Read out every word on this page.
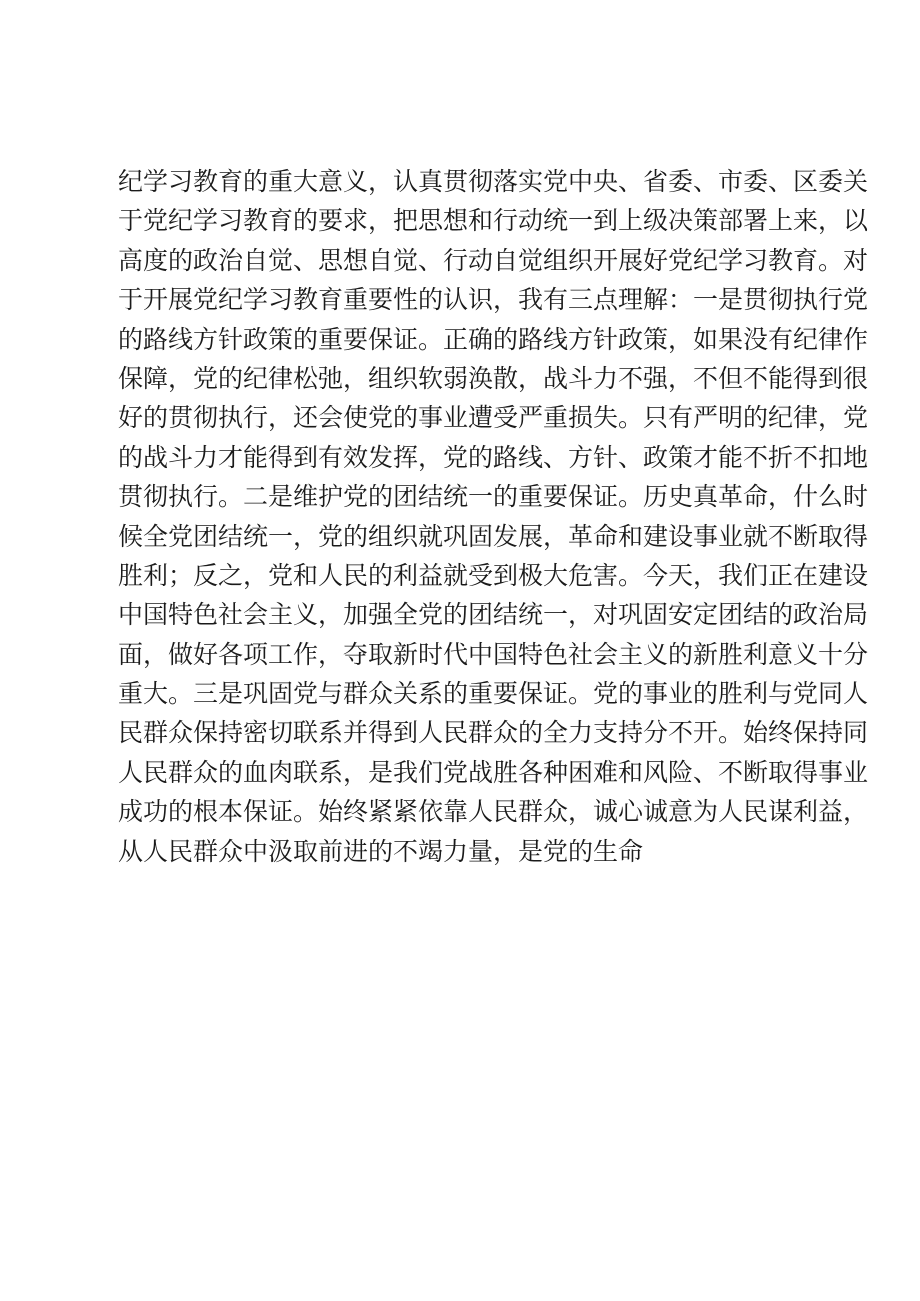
纪学习教育的重大意义，认真贯彻落实党中央、省委、市委、区委关
于党纪学习教育的要求，把思想和行动统一到上级决策部署上来，以
高度的政治自觉、思想自觉、行动自觉组织开展好党纪学习教育。对
于开展党纪学习教育重要性的认识，我有三点理解：一是贯彻执行党
的路线方针政策的重要保证。正确的路线方针政策，如果没有纪律作
保障，党的纪律松弛，组织软弱涣散，战斗力不强，不但不能得到很
好的贯彻执行，还会使党的事业遭受严重损失。只有严明的纪律，党
的战斗力才能得到有效发挥，党的路线、方针、政策才能不折不扣地
贯彻执行。二是维护党的团结统一的重要保证。历史真革命，什么时
候全党团结统一，党的组织就巩固发展，革命和建设事业就不断取得
胜利；反之，党和人民的利益就受到极大危害。今天，我们正在建设
中国特色社会主义，加强全党的团结统一，对巩固安定团结的政治局
面，做好各项工作，夺取新时代中国特色社会主义的新胜利意义十分
重大。三是巩固党与群众关系的重要保证。党的事业的胜利与党同人
民群众保持密切联系并得到人民群众的全力支持分不开。始终保持同
人民群众的血肉联系，是我们党战胜各种困难和风险、不断取得事业
成功的根本保证。始终紧紧依靠人民群众，诚心诚意为人民谋利益，
从人民群众中汲取前进的不竭力量，是党的生命
